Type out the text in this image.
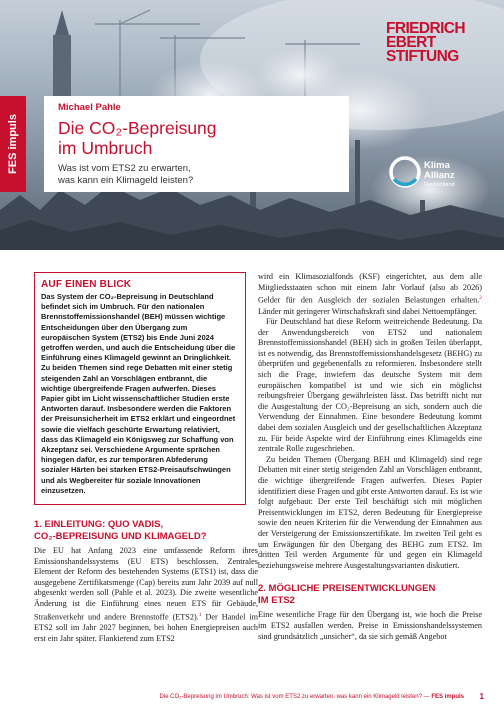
FRIEDRICH
EBERT
STIFTUNG
Klima
Allianz
Deutschland
FES impuls
Michael Pahle
Die CO₂-Bepreisung
im Umbruch
Was ist vom ETS2 zu erwarten,
was kann ein Klimageld leisten?
AUF EINEN BLICK

Das System der CO₂-Bepreisung in Deutschland befindet sich im Umbruch. Für den nationalen Brennstoffemissionshandel (BEH) müssen wichtige Entscheidungen über den Übergang zum europäischen System (ETS2) bis Ende Juni 2024 getroffen werden, und auch die Entscheidung über die Einführung eines Klimageld gewinnt an Dringlichkeit. Zu beiden Themen sind rege Debatten mit einer stetig steigenden Zahl an Vorschlägen entbrannt, die wichtige übergreifende Fragen aufwerfen. Dieses Papier gibt im Licht wissenschaftlicher Studien erste Antworten darauf. Insbesondere werden die Faktoren der Preisunsicherheit im ETS2 erklärt und eingeordnet sowie die vielfach geschürte Erwartung relativiert, dass das Klimageld ein Königsweg zur Schaffung von Akzeptanz sei. Verschiedene Argumente sprächen hingegen dafür, es zur temporären Abfederung sozialer Härten bei starken ETS2-Preisaufschwüngen und als Wegbereiter für soziale Innovationen einzusetzen.

1. EINLEITUNG: QUO VADIS,
CO₂-BEPREISUNG UND KLIMAGELD?

Die EU hat Anfang 2023 eine umfassende Reform ihres Emissionshandelssystems (EU ETS) beschlossen. Zentrales Element der Reform des bestehenden Systems (ETS1) ist, dass die ausgegebene Zertifikatsmenge (Cap) bereits zum Jahr 2039 auf null abgesenkt werden soll (Pahle et al. 2023). Die zweite wesentliche Änderung ist die Einführung eines neuen ETS für Gebäude, Straßenverkehr und andere Brennstoffe (ETS2).$^1$ Der Handel im ETS2 soll im Jahr 2027 beginnen, bei hohen Energiepreisen auch erst ein Jahr später. Flankierend zum ETS2

wird ein Klimasozialfonds (KSF) eingerichtet, aus dem alle Mitgliedsstaaten schon mit einem Jahr Vorlauf (also ab 2026) Gelder für den Ausgleich der sozialen Belastungen erhalten.$^2$ Länder mit geringerer Wirtschaftskraft sind dabei Nettoempfänger.

Für Deutschland hat diese Reform weitreichende Bedeutung. Da der Anwendungsbereich von ETS2 und nationalem Brennstoffemissionshandel (BEH) sich in großen Teilen überlappt, ist es notwendig, das Brennstoffemissionshandelsgesetz (BEHG) zu überprüfen und gegebenenfalls zu reformieren. Insbesondere stellt sich die Frage, inwiefern das deutsche System mit dem europäischen kompatibel ist und wie sich ein möglichst reibungsfreier Übergang gewährleisten lässt. Das betrifft nicht nur die Ausgestaltung der CO₂-Bepreisung an sich, sondern auch die Verwendung der Einnahmen. Eine besondere Bedeutung kommt dabei dem sozialen Ausgleich und der gesellschaftlichen Akzeptanz zu. Für beide Aspekte wird der Einführung eines Klimagelds eine zentrale Rolle zugeschrieben.

Zu beiden Themen (Übergang BEH und Klimageld) sind rege Debatten mit einer stetig steigenden Zahl an Vorschlägen entbrannt, die wichtige übergreifende Fragen aufwerfen. Dieses Papier identifiziert diese Fragen und gibt erste Antworten darauf. Es ist wie folgt aufgebaut: Der erste Teil beschäftigt sich mit möglichen Preisentwicklungen im ETS2, deren Bedeutung für Energiepreise sowie den neuen Kriterien für die Verwendung der Einnahmen aus der Versteigerung der Emissionszertifikate. Im zweiten Teil geht es um Erwägungen für den Übergang des BEHG zum ETS2. Im dritten Teil werden Argumente für und gegen ein Klimageld beziehungsweise mehrere Ausgestaltungsvarianten diskutiert.

2. MÖGLICHE PREISENTWICKLUNGEN
IM ETS2

Eine wesentliche Frage für den Übergang ist, wie hoch die Preise im ETS2 ausfallen werden. Preise in Emissionshandelssystemen sind grundsätzlich „unsicher“, da sie sich gemäß Angebot

Die CO₂-Bepreisung im Umbruch: Was ist vom ETS2 zu erwarten, was kann ein Klimageld leisten? — FES impuls 1
